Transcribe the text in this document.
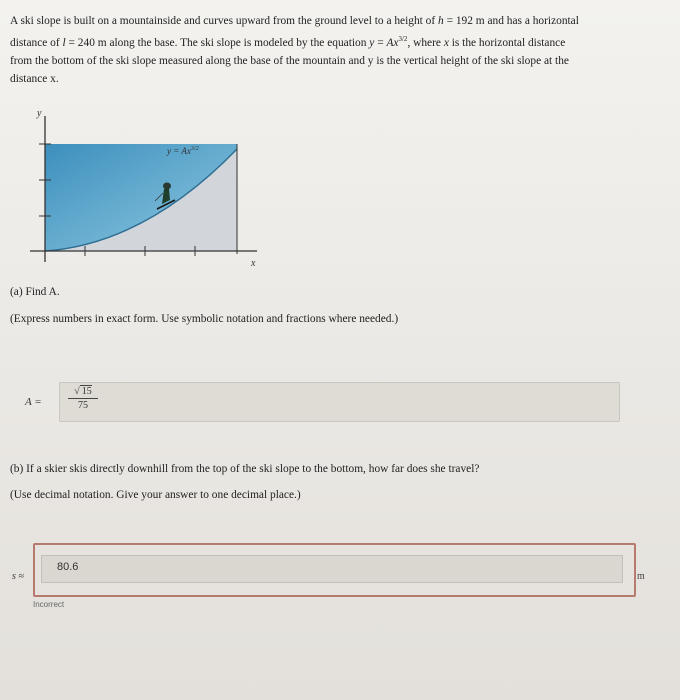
A ski slope is built on a mountainside and curves upward from the ground level to a height of h = 192 m and has a horizontal
distance of l = 240 m along the base. The ski slope is modeled by the equation $y = Ax^{3/2}$, where x is the horizontal distance
from the bottom of the ski slope measured along the base of the mountain and y is the vertical height of the ski slope at the
distance x.
y
x
$y = Ax^{3/2}$
(a) Find A.
(Express numbers in exact form. Use symbolic notation and fractions where needed.)
A =	$\frac{√ 15}{75}$
(b) If a skier skis directly downhill from the top of the ski slope to the bottom, how far does she travel?
(Use decimal notation. Give your answer to one decimal place.)
s ≈
80.6
m
Incorrect
